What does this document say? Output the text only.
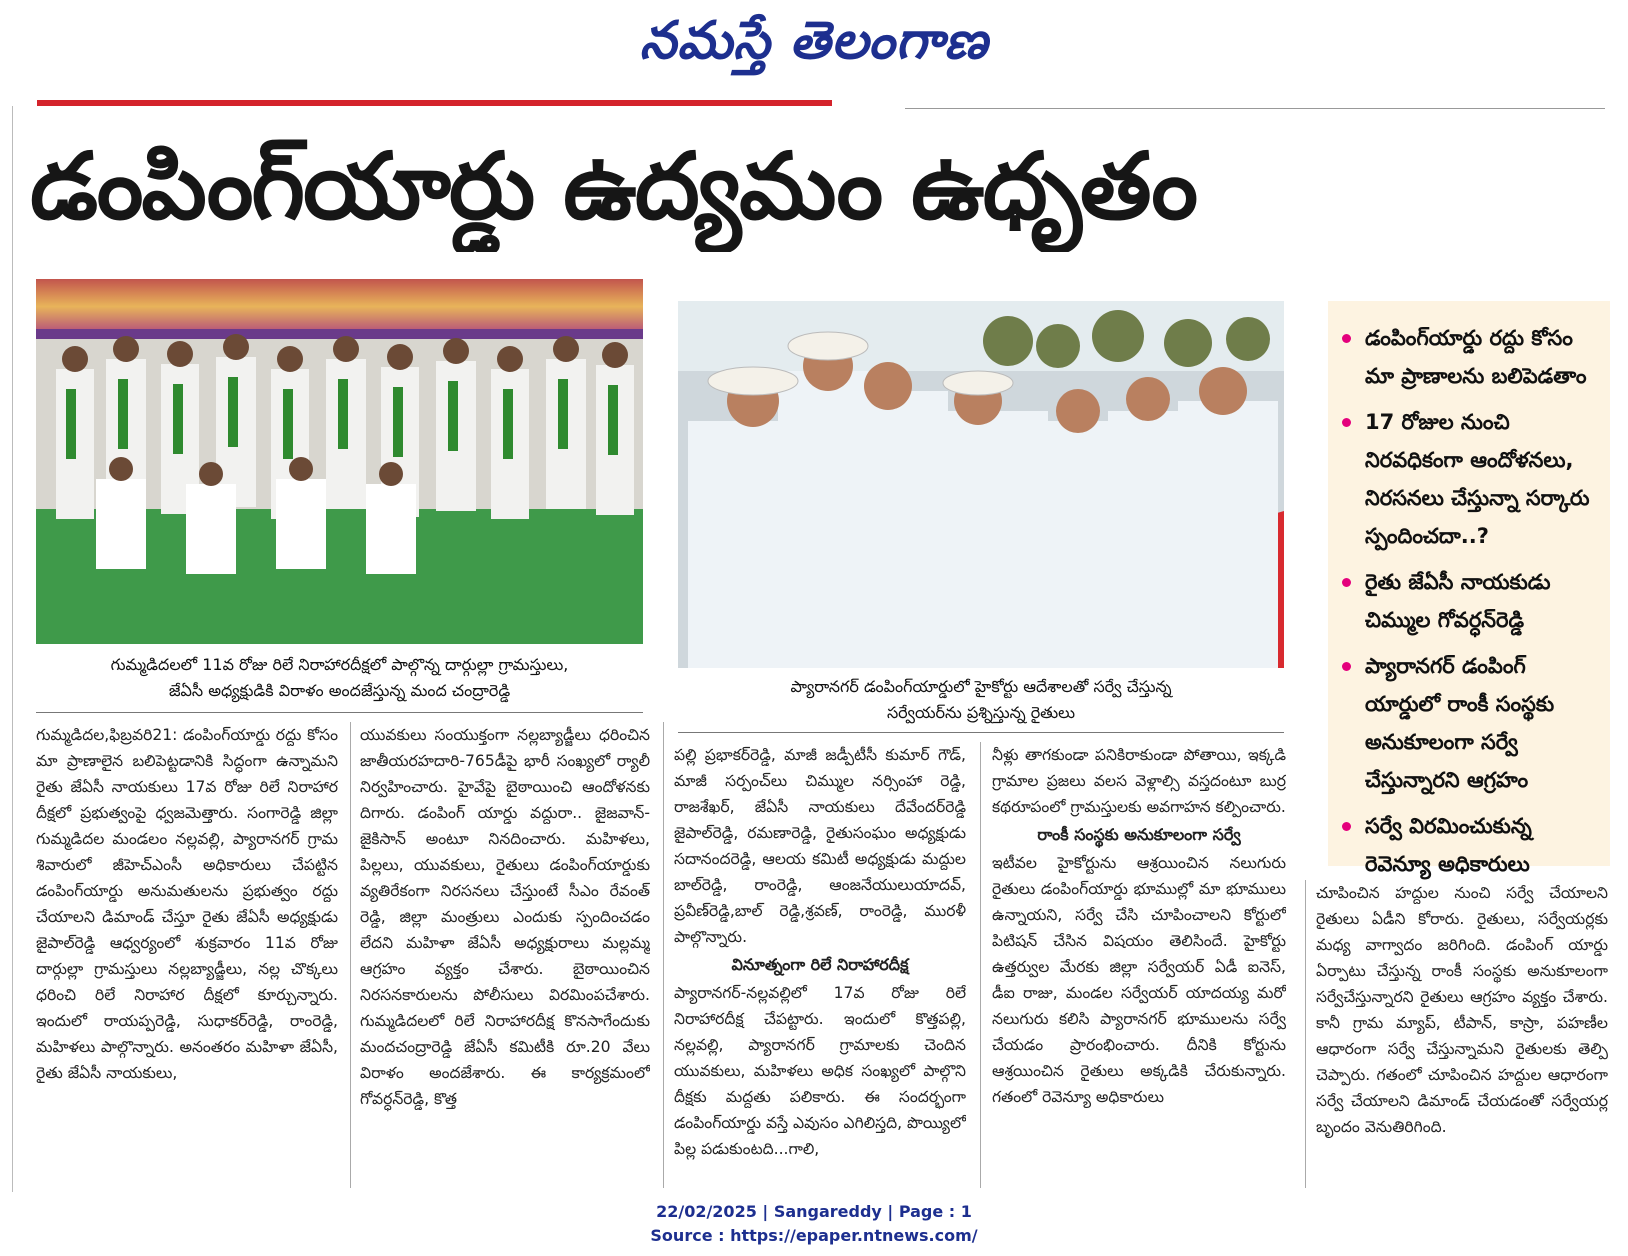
నమస్తే తెలంగాణ
డంపింగ్‌యార్డు ఉద్యమం ఉధృతం
గుమ్మడిదలలో 11వ రోజు రిలే నిరాహారదీక్షలో పాల్గొన్న దార్గుల్లా గ్రామస్తులు,
జేఏసీ అధ్యక్షుడికి విరాళం అందజేస్తున్న మంద చంద్రారెడ్డి	ప్యారానగర్ డంపింగ్‌యార్డులో హైకోర్టు ఆదేశాలతో సర్వే చేస్తున్న
సర్వేయర్‌ను ప్రశ్నిస్తున్న రైతులు
డంపింగ్‌యార్డు రద్దు కోసం మా ప్రాణాలను బలిపెడతాం
17 రోజుల నుంచి నిరవధికంగా ఆందోళనలు, నిరసనలు చేస్తున్నా సర్కారు స్పందించదా..?
రైతు జేఏసీ నాయకుడు చిమ్ముల గోవర్ధన్‌రెడ్డి
ప్యారానగర్ డంపింగ్ యార్డులో రాంకీ సంస్థకు అనుకూలంగా సర్వే చేస్తున్నారని ఆగ్రహం
సర్వే విరమించుకున్న రెవెన్యూ అధికారులు

గుమ్మడిదల,ఫిబ్రవరి21: డంపింగ్‌యార్డు రద్దు కోసం మా ప్రాణాలైన బలిపెట్టడానికి సిద్ధంగా ఉన్నామని రైతు జేఏసీ నాయకులు 17వ రోజు రిలే నిరాహార దీక్షలో ప్రభుత్వంపై ధ్వజమెత్తారు. సంగారెడ్డి జిల్లా గుమ్మడిదల మండలం నల్లవల్లి, ప్యారానగర్ గ్రామ శివారులో జీహెచ్ఎంసీ అధికారులు చేపట్టిన డంపింగ్‌యార్డు అనుమతులను ప్రభుత్వం రద్దు చేయాలని డిమాండ్ చేస్తూ రైతు జేఏసీ అధ్యక్షుడు జైపాల్‌రెడ్డి ఆధ్వర్యంలో శుక్రవారం 11వ రోజు దార్గుల్లా గ్రామస్తులు నల్లబ్యాడ్జీలు, నల్ల చొక్కలు ధరించి రిలే నిరాహార దీక్షలో కూర్చున్నారు. ఇందులో రాయప్పరెడ్డి, సుధాకర్‌రెడ్డి, రాంరెడ్డి, మహిళలు పాల్గొన్నారు. అనంతరం మహిళా జేఏసీ, రైతు జేఏసీ నాయకులు,

యువకులు సంయుక్తంగా నల్లబ్యాడ్జీలు ధరించిన జాతీయరహదారి-765డీపై భారీ సంఖ్యలో ర్యాలీ నిర్వహించారు. హైవేపై బైఠాయించి ఆందోళనకు దిగారు. డంపింగ్ యార్డు వద్దురా.. జైజవాన్-జైకిసాన్ అంటూ నినదించారు. మహిళలు, పిల్లలు, యువకులు, రైతులు డంపింగ్‌యార్డుకు వ్యతిరేకంగా నిరసనలు చేస్తుంటే సీఎం రేవంత్ రెడ్డి, జిల్లా మంత్రులు ఎందుకు స్పందించడం లేదని మహిళా జేఏసీ అధ్యక్షురాలు మల్లమ్మ ఆగ్రహం వ్యక్తం చేశారు. బైఠాయించిన నిరసనకారులను పోలీసులు విరమింపచేశారు. గుమ్మడిదలలో రిలే నిరాహారదీక్ష కొనసాగేందుకు మందచంద్రారెడ్డి జేఏసీ కమిటీకి రూ.20 వేలు విరాళం అందజేశారు. ఈ కార్యక్రమంలో గోవర్ధన్‌రెడ్డి, కొత్త

పల్లి ప్రభాకర్‌రెడ్డి, మాజీ జడ్పీటీసీ కుమార్ గౌడ్, మాజీ సర్పంచ్‌లు చిమ్ముల నర్సింహా రెడ్డి, రాజశేఖర్, జేఏసీ నాయకులు దేవేందర్‌రెడ్డి జైపాల్‌రెడ్డి, రమణారెడ్డి, రైతుసంఘం అధ్యక్షుడు సదానందరెడ్డి, ఆలయ కమిటీ అధ్యక్షుడు మద్దుల బాల్‌రెడ్డి, రాంరెడ్డి, ఆంజనేయులుయాదవ్, ప్రవీణ్‌రెడ్డి,బాల్ రెడ్డి,శ్రవణ్, రాంరెడ్డి, మురళీ పాల్గొన్నారు.

వినూత్నంగా రిలే నిరాహారదీక్ష

ప్యారానగర్-నల్లవల్లిలో 17వ రోజు రిలే నిరాహారదీక్ష చేపట్టారు. ఇందులో కొత్తపల్లి, నల్లవల్లి, ప్యారానగర్ గ్రామాలకు చెందిన యువకులు, మహిళలు అధిక సంఖ్యలో పాల్గొని దీక్షకు మద్దతు పలికారు. ఈ సందర్భంగా డంపింగ్‌యార్డు వస్తే ఎవుసం ఎగిలిస్తది, పొయ్యిలో పిల్ల పడుకుంటది...గాలి,

నీళ్లు తాగకుండా పనికిరాకుండా పోతాయి, ఇక్కడి గ్రామాల ప్రజలు వలస వెళ్లాల్సి వస్తదంటూ బుర్ర కథరూపంలో గ్రామస్తులకు అవగాహన కల్పించారు.

రాంకీ సంస్థకు అనుకూలంగా సర్వే

ఇటీవల హైకోర్టును ఆశ్రయించిన నలుగురు రైతులు డంపింగ్‌యార్డు భూముల్లో మా భూములు ఉన్నాయని, సర్వే చేసి చూపించాలని కోర్టులో పిటిషన్ చేసిన విషయం తెలిసిందే. హైకోర్టు ఉత్తర్వుల మేరకు జిల్లా సర్వేయర్ ఏడీ ఐనెస్, డీఐ రాజు, మండల సర్వేయర్ యాదయ్య మరో నలుగురు కలిసి ప్యారానగర్ భూములను సర్వే చేయడం ప్రారంభించారు. దీనికి కోర్టును ఆశ్రయించిన రైతులు అక్కడికి చేరుకున్నారు. గతంలో రెవెన్యూ అధికారులు

చూపించిన హద్దుల నుంచి సర్వే చేయాలని రైతులు ఏడీని కోరారు. రైతులు, సర్వేయర్లకు మధ్య వాగ్వాదం జరిగింది. డంపింగ్ యార్డు ఏర్పాటు చేస్తున్న రాంకీ సంస్థకు అనుకూలంగా సర్వేచేస్తున్నారని రైతులు ఆగ్రహం వ్యక్తం చేశారు. కానీ గ్రామ మ్యాప్, టీపాన్, కాస్రా, పహణీల ఆధారంగా సర్వే చేస్తున్నామని రైతులకు తెల్పి చెప్పారు. గతంలో చూపించిన హద్దుల ఆధారంగా సర్వే చేయాలని డిమాండ్ చేయడంతో సర్వేయర్ల బృందం వెనుతిరిగింది.

22/02/2025 | Sangareddy | Page : 1
Source : https://epaper.ntnews.com/
